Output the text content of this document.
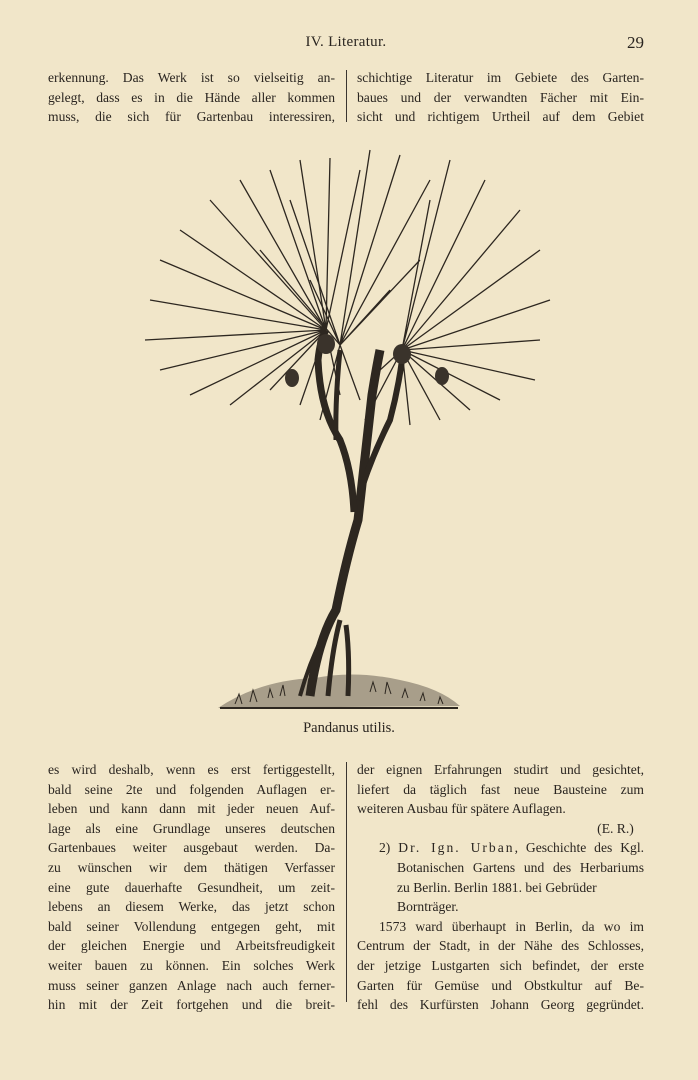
IV. Literatur.	29
erkennung. Das Werk ist so vielseitig an-
gelegt, dass es in die Hände aller kommen
muss, die sich für Gartenbau interessiren,
schichtige Literatur im Gebiete des Garten-
baues und der verwandten Fächer mit Ein-
sicht und richtigem Urtheil auf dem Gebiet
Pandanus utilis.
es wird deshalb, wenn es erst fertiggestellt,
bald seine 2te und folgenden Auflagen er-
leben und kann dann mit jeder neuen Auf-
lage als eine Grundlage unseres deutschen
Gartenbaues weiter ausgebaut werden. Da-
zu wünschen wir dem thätigen Verfasser
eine gute dauerhafte Gesundheit, um zeit-
lebens an diesem Werke, das jetzt schon
bald seiner Vollendung entgegen geht, mit
der gleichen Energie und Arbeitsfreudigkeit
weiter bauen zu können. Ein solches Werk
muss seiner ganzen Anlage nach auch ferner-
hin mit der Zeit fortgehen und die breit-
der eignen Erfahrungen studirt und gesichtet,
liefert da täglich fast neue Bausteine zum
weiteren Ausbau für spätere Auflagen.
(E. R.)
2) Dr. Ign. Urban, Geschichte des Kgl.
Botanischen Gartens und des Herbariums
zu Berlin. Berlin 1881. bei Gebrüder
Bornträger.
1573 ward überhaupt in Berlin, da wo im
Centrum der Stadt, in der Nähe des Schlosses,
der jetzige Lustgarten sich befindet, der erste
Garten für Gemüse und Obstkultur auf Be-
fehl des Kurfürsten Johann Georg gegründet.
